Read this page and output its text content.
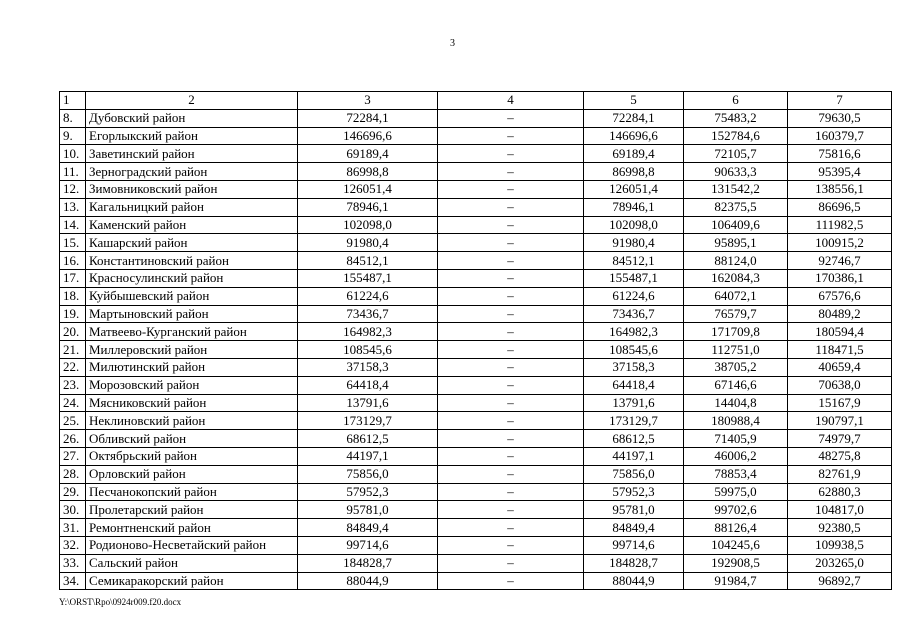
3
1	2	3	4	5	6	7
8.	Дубовский район	72284,1	–	72284,1	75483,2	79630,5
9.	Егорлыкский район	146696,6	–	146696,6	152784,6	160379,7
10.	Заветинский район	69189,4	–	69189,4	72105,7	75816,6
11.	Зерноградский район	86998,8	–	86998,8	90633,3	95395,4
12.	Зимовниковский район	126051,4	–	126051,4	131542,2	138556,1
13.	Кагальницкий район	78946,1	–	78946,1	82375,5	86696,5
14.	Каменский район	102098,0	–	102098,0	106409,6	111982,5
15.	Кашарский район	91980,4	–	91980,4	95895,1	100915,2
16.	Константиновский район	84512,1	–	84512,1	88124,0	92746,7
17.	Красносулинский район	155487,1	–	155487,1	162084,3	170386,1
18.	Куйбышевский район	61224,6	–	61224,6	64072,1	67576,6
19.	Мартыновский район	73436,7	–	73436,7	76579,7	80489,2
20.	Матвеево-Курганский район	164982,3	–	164982,3	171709,8	180594,4
21.	Миллеровский район	108545,6	–	108545,6	112751,0	118471,5
22.	Милютинский район	37158,3	–	37158,3	38705,2	40659,4
23.	Морозовский район	64418,4	–	64418,4	67146,6	70638,0
24.	Мясниковский район	13791,6	–	13791,6	14404,8	15167,9
25.	Неклиновский район	173129,7	–	173129,7	180988,4	190797,1
26.	Обливский район	68612,5	–	68612,5	71405,9	74979,7
27.	Октябрьский район	44197,1	–	44197,1	46006,2	48275,8
28.	Орловский район	75856,0	–	75856,0	78853,4	82761,9
29.	Песчанокопский район	57952,3	–	57952,3	59975,0	62880,3
30.	Пролетарский район	95781,0	–	95781,0	99702,6	104817,0
31.	Ремонтненский район	84849,4	–	84849,4	88126,4	92380,5
32.	Родионово-Несветайский район	99714,6	–	99714,6	104245,6	109938,5
33.	Сальский район	184828,7	–	184828,7	192908,5	203265,0
34.	Семикаракорский район	88044,9	–	88044,9	91984,7	96892,7
Y:\ORST\Rpo\0924r009.f20.docx
